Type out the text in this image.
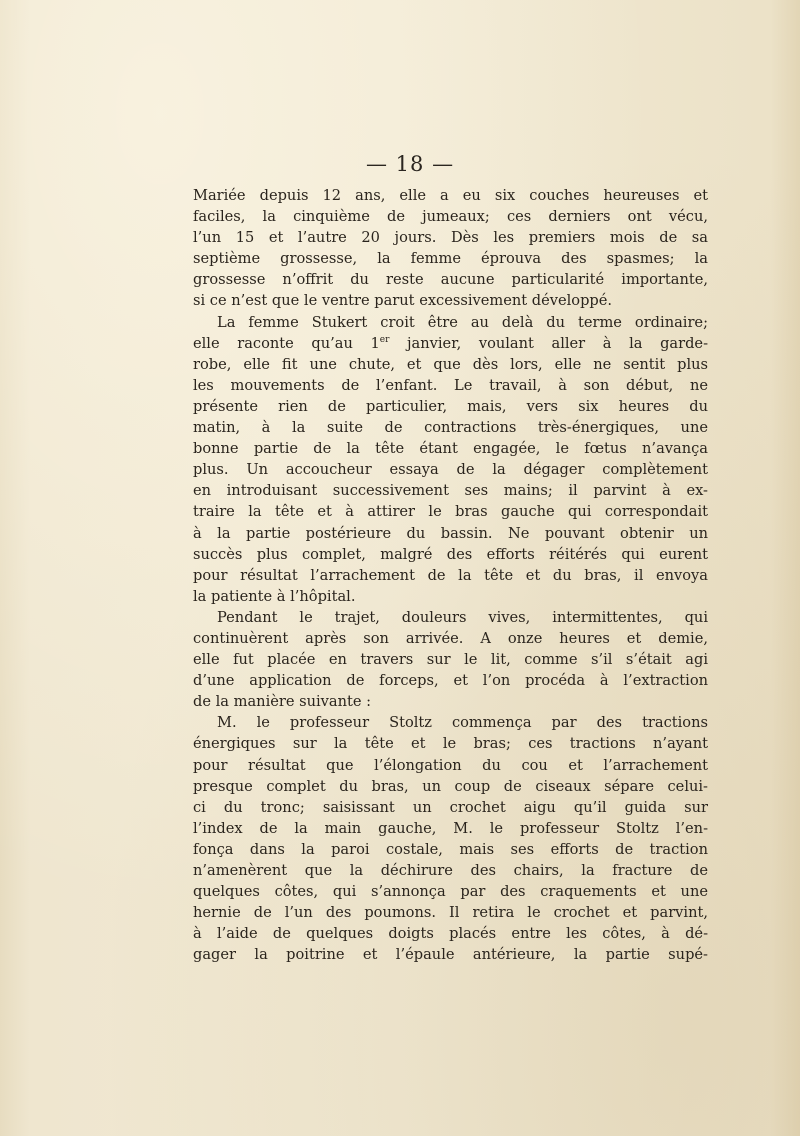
— 18 —
Mariée depuis 12 ans, elle a eu six couches heureuses et
faciles, la cinquième de jumeaux; ces derniers ont vécu,
l’un 15 et l’autre 20 jours. Dès les premiers mois de sa
septième grossesse, la femme éprouva des spasmes; la
grossesse n’offrit du reste aucune particularité importante,
si ce n’est que le ventre parut excessivement développé.
La femme Stukert croit être au delà du terme ordinaire;
elle raconte qu’au 1er janvier, voulant aller à la garde-
robe, elle fit une chute, et que dès lors, elle ne sentit plus
les mouvements de l’enfant. Le travail, à son début, ne
présente rien de particulier, mais, vers six heures du
matin, à la suite de contractions très-énergiques, une
bonne partie de la tête étant engagée, le fœtus n’avança
plus. Un accoucheur essaya de la dégager complètement
en introduisant successivement ses mains; il parvint à ex-
traire la tête et à attirer le bras gauche qui correspondait
à la partie postérieure du bassin. Ne pouvant obtenir un
succès plus complet, malgré des efforts réitérés qui eurent
pour résultat l’arrachement de la tête et du bras, il envoya
la patiente à l’hôpital.
Pendant le trajet, douleurs vives, intermittentes, qui
continuèrent après son arrivée. A onze heures et demie,
elle fut placée en travers sur le lit, comme s’il s’était agi
d’une application de forceps, et l’on procéda à l’extraction
de la manière suivante :
M. le professeur Stoltz commença par des tractions
énergiques sur la tête et le bras; ces tractions n’ayant
pour résultat que l’élongation du cou et l’arrachement
presque complet du bras, un coup de ciseaux sépare celui-
ci du tronc; saisissant un crochet aigu qu’il guida sur
l’index de la main gauche, M. le professeur Stoltz l’en-
fonça dans la paroi costale, mais ses efforts de traction
n’amenèrent que la déchirure des chairs, la fracture de
quelques côtes, qui s’annonça par des craquements et une
hernie de l’un des poumons. Il retira le crochet et parvint,
à l’aide de quelques doigts placés entre les côtes, à dé-
gager la poitrine et l’épaule antérieure, la partie supé-
